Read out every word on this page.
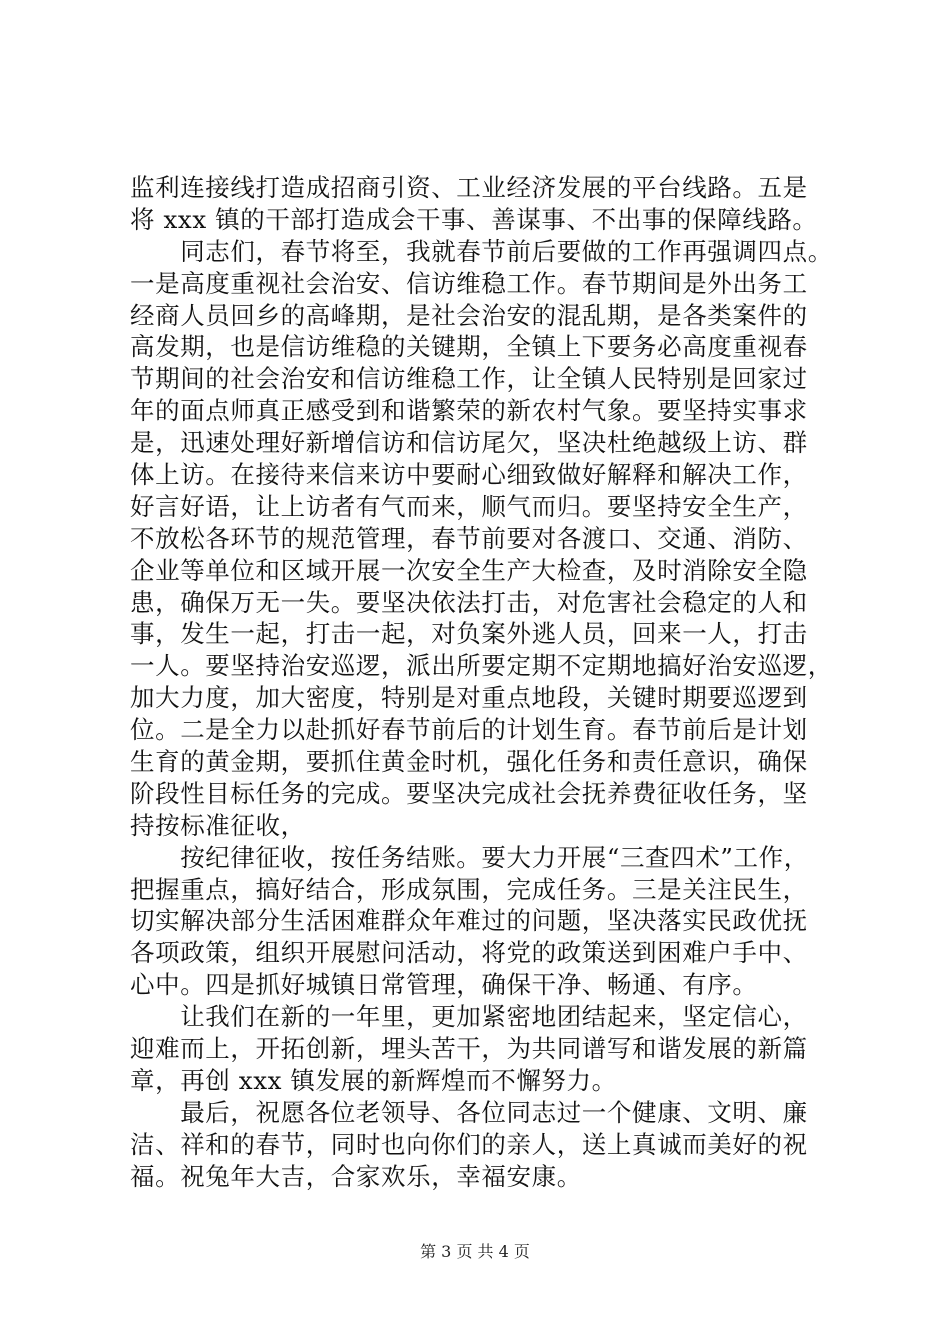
监利连接线打造成招商引资、工业经济发展的平台线路。五是
将 xxx 镇的干部打造成会干事、善谋事、不出事的保障线路。
　　同志们，春节将至，我就春节前后要做的工作再强调四点。
一是高度重视社会治安、信访维稳工作。春节期间是外出务工
经商人员回乡的高峰期，是社会治安的混乱期，是各类案件的
高发期，也是信访维稳的关键期，全镇上下要务必高度重视春
节期间的社会治安和信访维稳工作，让全镇人民特别是回家过
年的面点师真正感受到和谐繁荣的新农村气象。要坚持实事求
是，迅速处理好新增信访和信访尾欠，坚决杜绝越级上访、群
体上访。在接待来信来访中要耐心细致做好解释和解决工作，
好言好语，让上访者有气而来，顺气而归。要坚持安全生产，
不放松各环节的规范管理，春节前要对各渡口、交通、消防、
企业等单位和区域开展一次安全生产大检查，及时消除安全隐
患，确保万无一失。要坚决依法打击，对危害社会稳定的人和
事，发生一起，打击一起，对负案外逃人员，回来一人，打击
一人。要坚持治安巡逻，派出所要定期不定期地搞好治安巡逻，
加大力度，加大密度，特别是对重点地段，关键时期要巡逻到
位。二是全力以赴抓好春节前后的计划生育。春节前后是计划
生育的黄金期，要抓住黄金时机，强化任务和责任意识，确保
阶段性目标任务的完成。要坚决完成社会抚养费征收任务，坚
持按标准征收，
　　按纪律征收，按任务结账。要大力开展“三查四术”工作，
把握重点，搞好结合，形成氛围，完成任务。三是关注民生，
切实解决部分生活困难群众年难过的问题，坚决落实民政优抚
各项政策，组织开展慰问活动，将党的政策送到困难户手中、
心中。四是抓好城镇日常管理，确保干净、畅通、有序。
　　让我们在新的一年里，更加紧密地团结起来，坚定信心，
迎难而上，开拓创新，埋头苦干，为共同谱写和谐发展的新篇
章，再创 xxx 镇发展的新辉煌而不懈努力。
　　最后，祝愿各位老领导、各位同志过一个健康、文明、廉
洁、祥和的春节，同时也向你们的亲人，送上真诚而美好的祝
福。祝兔年大吉，合家欢乐，幸福安康。
第 3 页 共 4 页
